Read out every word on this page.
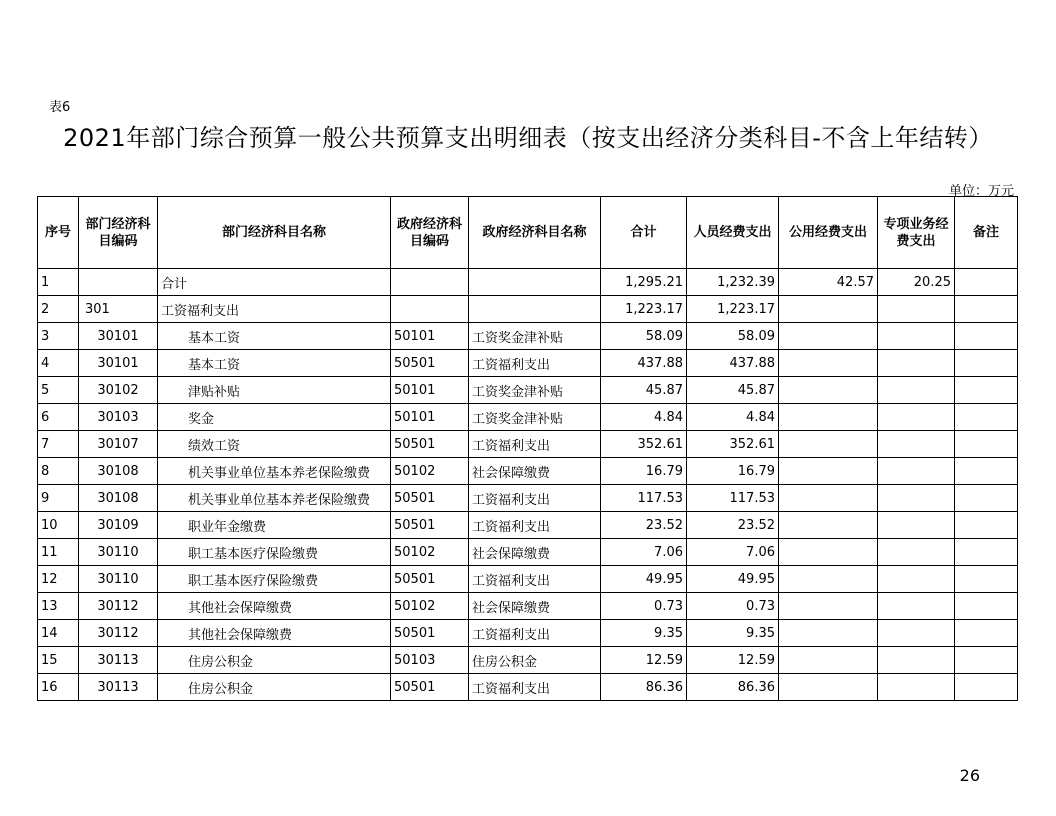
表6
2021年部门综合预算一般公共预算支出明细表（按支出经济分类科目-不含上年结转）
单位：万元
序号	部门经济科目编码	部门经济科目名称	政府经济科目编码	政府经济科目名称	合计	人员经费支出	公用经费支出	专项业务经费支出	备注
1		合计			1,295.21	1,232.39	42.57	20.25	
2	301	工资福利支出			1,223.17	1,223.17			
3	30101	基本工资	50101	工资奖金津补贴	58.09	58.09			
4	30101	基本工资	50501	工资福利支出	437.88	437.88			
5	30102	津贴补贴	50101	工资奖金津补贴	45.87	45.87			
6	30103	奖金	50101	工资奖金津补贴	4.84	4.84			
7	30107	绩效工资	50501	工资福利支出	352.61	352.61			
8	30108	机关事业单位基本养老保险缴费	50102	社会保障缴费	16.79	16.79			
9	30108	机关事业单位基本养老保险缴费	50501	工资福利支出	117.53	117.53			
10	30109	职业年金缴费	50501	工资福利支出	23.52	23.52			
11	30110	职工基本医疗保险缴费	50102	社会保障缴费	7.06	7.06			
12	30110	职工基本医疗保险缴费	50501	工资福利支出	49.95	49.95			
13	30112	其他社会保障缴费	50102	社会保障缴费	0.73	0.73			
14	30112	其他社会保障缴费	50501	工资福利支出	9.35	9.35			
15	30113	住房公积金	50103	住房公积金	12.59	12.59			
16	30113	住房公积金	50501	工资福利支出	86.36	86.36			
26
